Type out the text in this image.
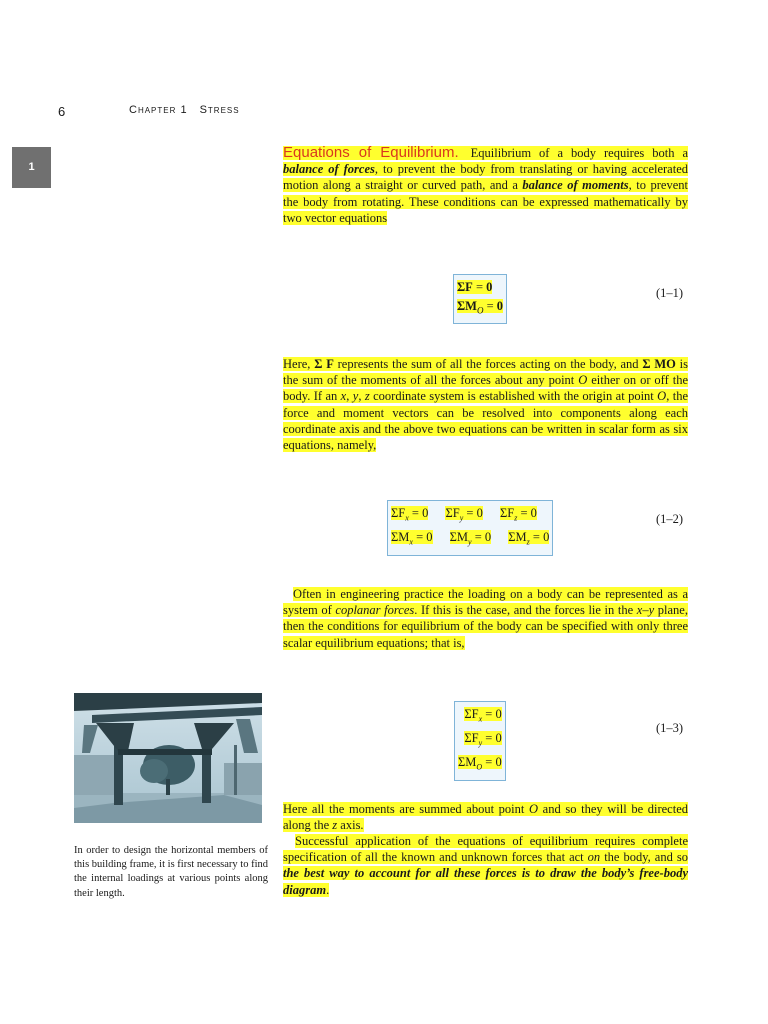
6	Chapter 1 Stress
1
Equations of Equilibrium. Equilibrium of a body requires both a balance of forces, to prevent the body from translating or having accelerated motion along a straight or curved path, and a balance of moments, to prevent the body from rotating. These conditions can be expressed mathematically by two vector equations
ΣF = 0
$\Sigma M_O = 0$
(1–1)
Here, Σ F represents the sum of all the forces acting on the body, and Σ MO is the sum of the moments of all the forces about any point O either on or off the body. If an x, y, z coordinate system is established with the origin at point O, the force and moment vectors can be resolved into components along each coordinate axis and the above two equations can be written in scalar form as six equations, namely,
$\Sigma F_x = 0$ $\Sigma F_y = 0$ $\Sigma F_z = 0$
$\Sigma M_x = 0$ $\Sigma M_y = 0$ $\Sigma M_z = 0$
(1–2)
Often in engineering practice the loading on a body can be represented as a system of coplanar forces. If this is the case, and the forces lie in the x–y plane, then the conditions for equilibrium of the body can be specified with only three scalar equilibrium equations; that is,
$\Sigma F_x = 0$
$\Sigma F_y = 0$
$\Sigma M_O = 0$
(1–3)
Here all the moments are summed about point O and so they will be directed along the z axis.
Successful application of the equations of equilibrium requires complete specification of all the known and unknown forces that act on the body, and so the best way to account for all these forces is to draw the body’s free-body diagram.
In order to design the horizontal members of this building frame, it is first necessary to find the internal loadings at various points along their length.
